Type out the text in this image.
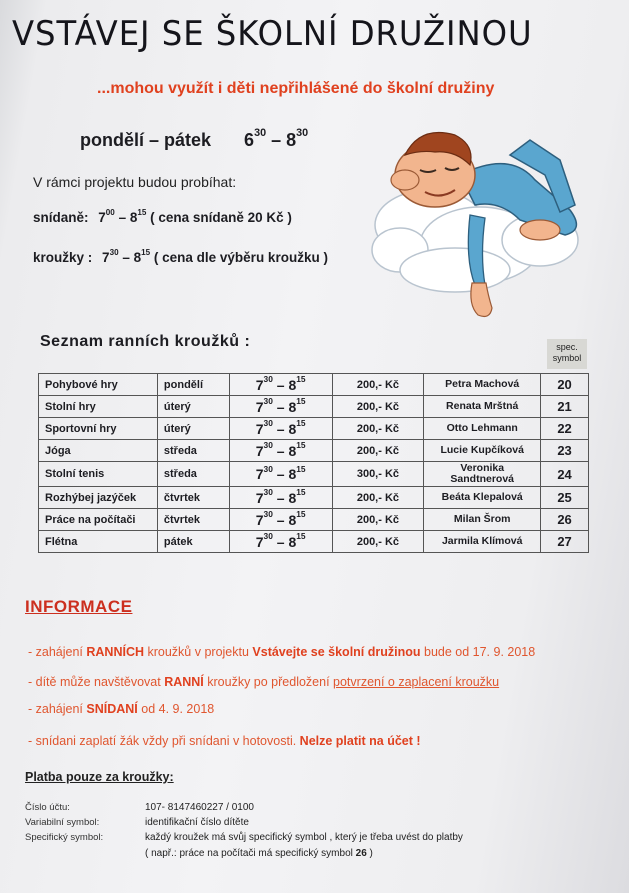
VSTÁVEJ SE ŠKOLNÍ DRUŽINOU
...mohou využít i děti nepřihlášené do školní družiny
pondělí – pátek $6^{30} - 8^{30}$
V rámci projektu budou probíhat:
snídaně: $7^{00} - 8^{15}$ ( cena snídaně 20 Kč )
kroužky : $7^{30} - 8^{15}$ ( cena dle výběru kroužku )
Seznam ranních kroužků :	spec.
symbol
Pohybové hry	pondělí	$7^{30} - 8^{15}$	200,- Kč	Petra Machová	20
Stolní hry	úterý	$7^{30} - 8^{15}$	200,- Kč	Renata Mrštná	21
Sportovní hry	úterý	$7^{30} - 8^{15}$	200,- Kč	Otto Lehmann	22
Jóga	středa	$7^{30} - 8^{15}$	200,- Kč	Lucie Kupčíková	23
Stolní tenis	středa	$7^{30} - 8^{15}$	300,- Kč	Veronika Sandtnerová	24
Rozhýbej jazýček	čtvrtek	$7^{30} - 8^{15}$	200,- Kč	Beáta Klepalová	25
Práce na počítači	čtvrtek	$7^{30} - 8^{15}$	200,- Kč	Milan Šrom	26
Flétna	pátek	$7^{30} - 8^{15}$	200,- Kč	Jarmila Klímová	27
INFORMACE
- zahájení RANNÍCH kroužků v projektu Vstávejte se školní družinou bude od 17. 9. 2018
- dítě může navštěvovat RANNÍ kroužky po předložení potvrzení o zaplacení kroužku
- zahájení SNÍDANÍ od 4. 9. 2018
- snídani zaplatí žák vždy při snídani v hotovosti. Nelze platit na účet !
Platba pouze za kroužky:
Číslo účtu:	107- 8147460227 / 0100
Variabilní symbol:	identifikační číslo dítěte
Specifický symbol:	každý kroužek má svůj specifický symbol , který je třeba uvést do platby
( např.: práce na počítači má specifický symbol 26 )
